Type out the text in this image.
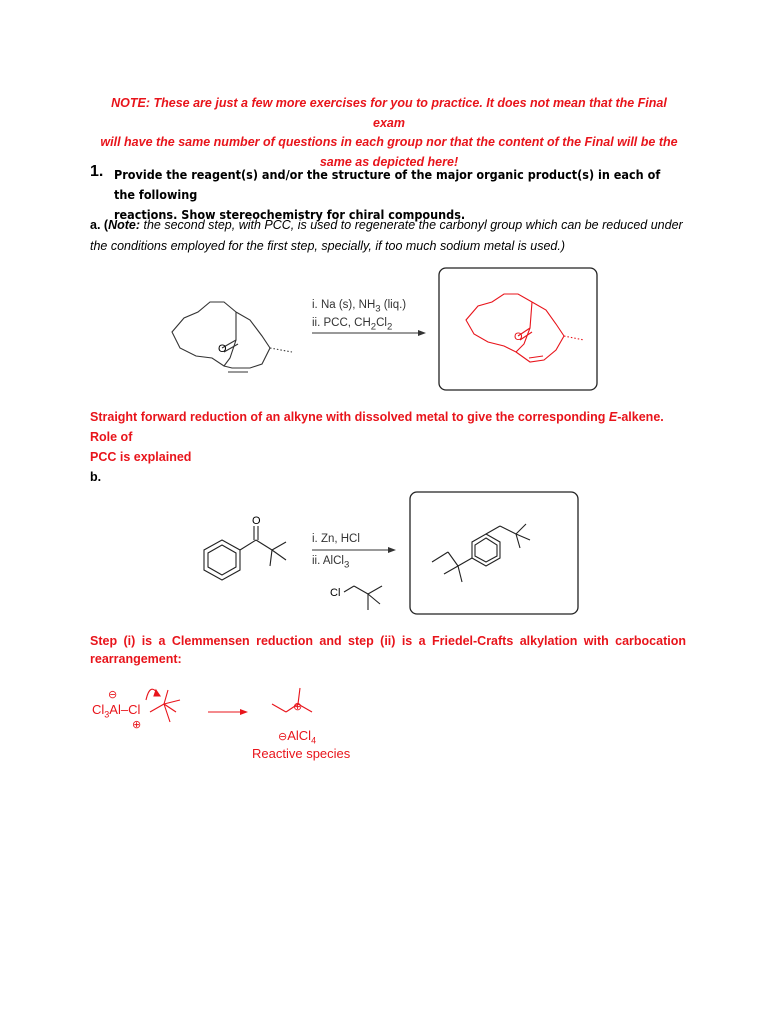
NOTE: These are just a few more exercises for you to practice. It does not mean that the Final exam
will have the same number of questions in each group nor that the content of the Final will be the
same as depicted here!
1. Provide the reagent(s) and/or the structure of the major organic product(s) in each of the following
reactions. Show stereochemistry for chiral compounds.
a. (Note: the second step, with PCC, is used to regenerate the carbonyl group which can be reduced under
the conditions employed for the first step, specially, if too much sodium metal is used.)
O
O
O
Cl
i. Na (s), $NH_3$ (liq.)
ii. PCC, $CH_2Cl_2$
Straight forward reduction of an alkyne with dissolved metal to give the corresponding E-alkene. Role of
PCC is explained
b.
i. Zn, HCl
ii. AlCl$_3$
Step (i) is a Clemmensen reduction and step (ii) is a Friedel-Crafts alkylation with carbocation
rearrangement:
$Cl_3Al-Cl$
⊖
⊕
⊕
⊖AlCl$_4$
Reactive species
